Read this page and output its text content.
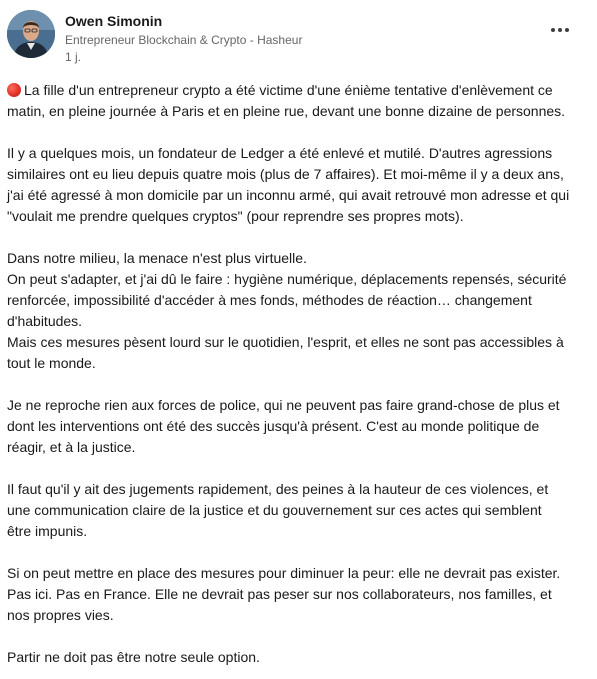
Owen Simonin
Entrepreneur Blockchain & Crypto - Hasheur
1 j.
La fille d'un entrepreneur crypto a été victime d'une énième tentative d'enlèvement ce
matin, en pleine journée à Paris et en pleine rue, devant une bonne dizaine de personnes.
Il y a quelques mois, un fondateur de Ledger a été enlevé et mutilé. D'autres agressions
similaires ont eu lieu depuis quatre mois (plus de 7 affaires). Et moi-même il y a deux ans,
j'ai été agressé à mon domicile par un inconnu armé, qui avait retrouvé mon adresse et qui
"voulait me prendre quelques cryptos" (pour reprendre ses propres mots).
Dans notre milieu, la menace n'est plus virtuelle.
On peut s'adapter, et j'ai dû le faire : hygiène numérique, déplacements repensés, sécurité
renforcée, impossibilité d'accéder à mes fonds, méthodes de réaction… changement
d'habitudes.
Mais ces mesures pèsent lourd sur le quotidien, l'esprit, et elles ne sont pas accessibles à
tout le monde.
Je ne reproche rien aux forces de police, qui ne peuvent pas faire grand-chose de plus et
dont les interventions ont été des succès jusqu'à présent. C'est au monde politique de
réagir, et à la justice.
Il faut qu'il y ait des jugements rapidement, des peines à la hauteur de ces violences, et
une communication claire de la justice et du gouvernement sur ces actes qui semblent
être impunis.
Si on peut mettre en place des mesures pour diminuer la peur: elle ne devrait pas exister.
Pas ici. Pas en France. Elle ne devrait pas peser sur nos collaborateurs, nos familles, et
nos propres vies.
Partir ne doit pas être notre seule option.
